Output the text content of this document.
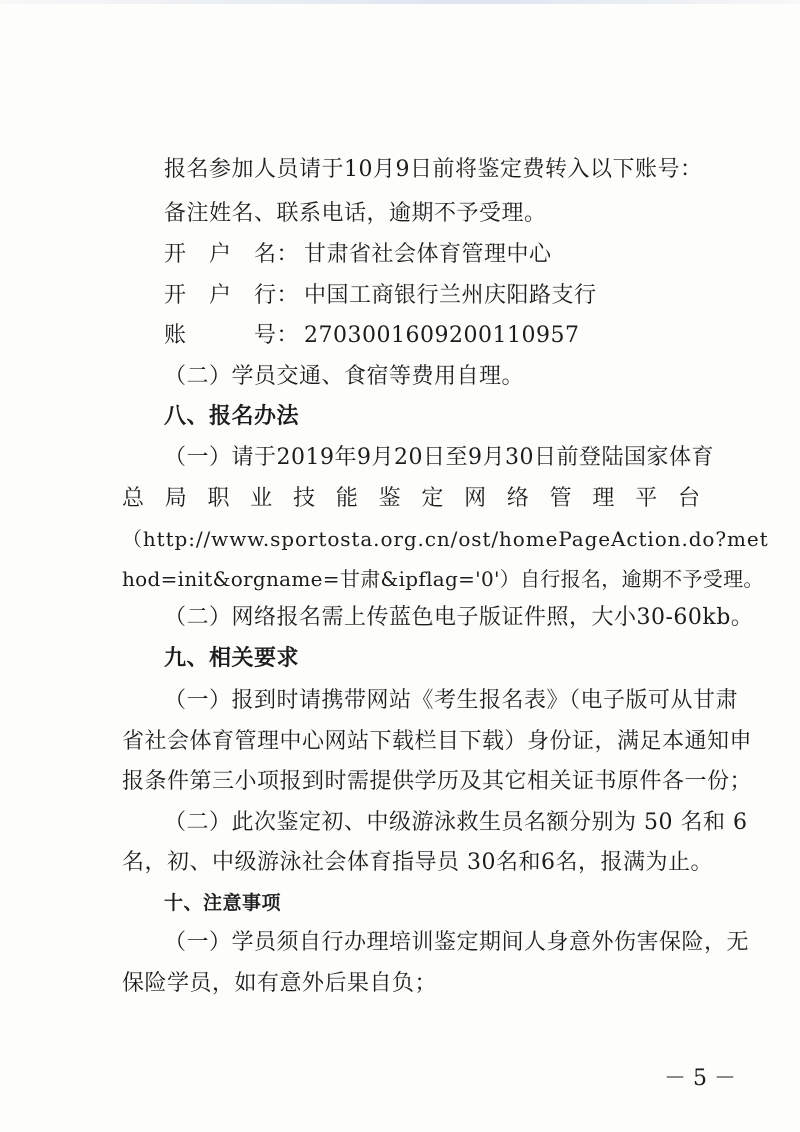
报名参加人员请于10月9日前将鉴定费转入以下账号：
备注姓名、联系电话，逾期不予受理。
开　户　名： 甘肃省社会体育管理中心
开　户　行： 中国工商银行兰州庆阳路支行
账　　　号： 270300160920011095​7
（二）学员交通、食宿等费用自理。
八、报名办法
（一）请于2019年9月20日至9月30日前登陆国家体育
总 局 职 业 技 能 鉴 定 网 络 管 理 平 台
（http://www.sportosta.org.cn/ost/homePageAction.do?met
hod=init&orgname=甘肃&ipflag='0'）自行报名，逾期不予受理。
（二）网络报名需上传蓝色电子版证件照，大小30-60kb。
九、相关要求
（一）报到时请携带网站《考生报名表》（电子版可从甘肃
省社会体育管理中心网站下载栏目下载）身份证，满足本通知申
报条件第三小项报到时需提供学历及其它相关证书原件各一份；
（二）此次鉴定初、中级游泳救生员名额分别为 50 名和 6
名，初、中级游泳社会体育指导员 30名和6名，报满为止。
十、注意事项
（一）学员须自行办理培训鉴定期间人身意外伤害保险，无
保险学员，如有意外后果自负；
－ 5 －
